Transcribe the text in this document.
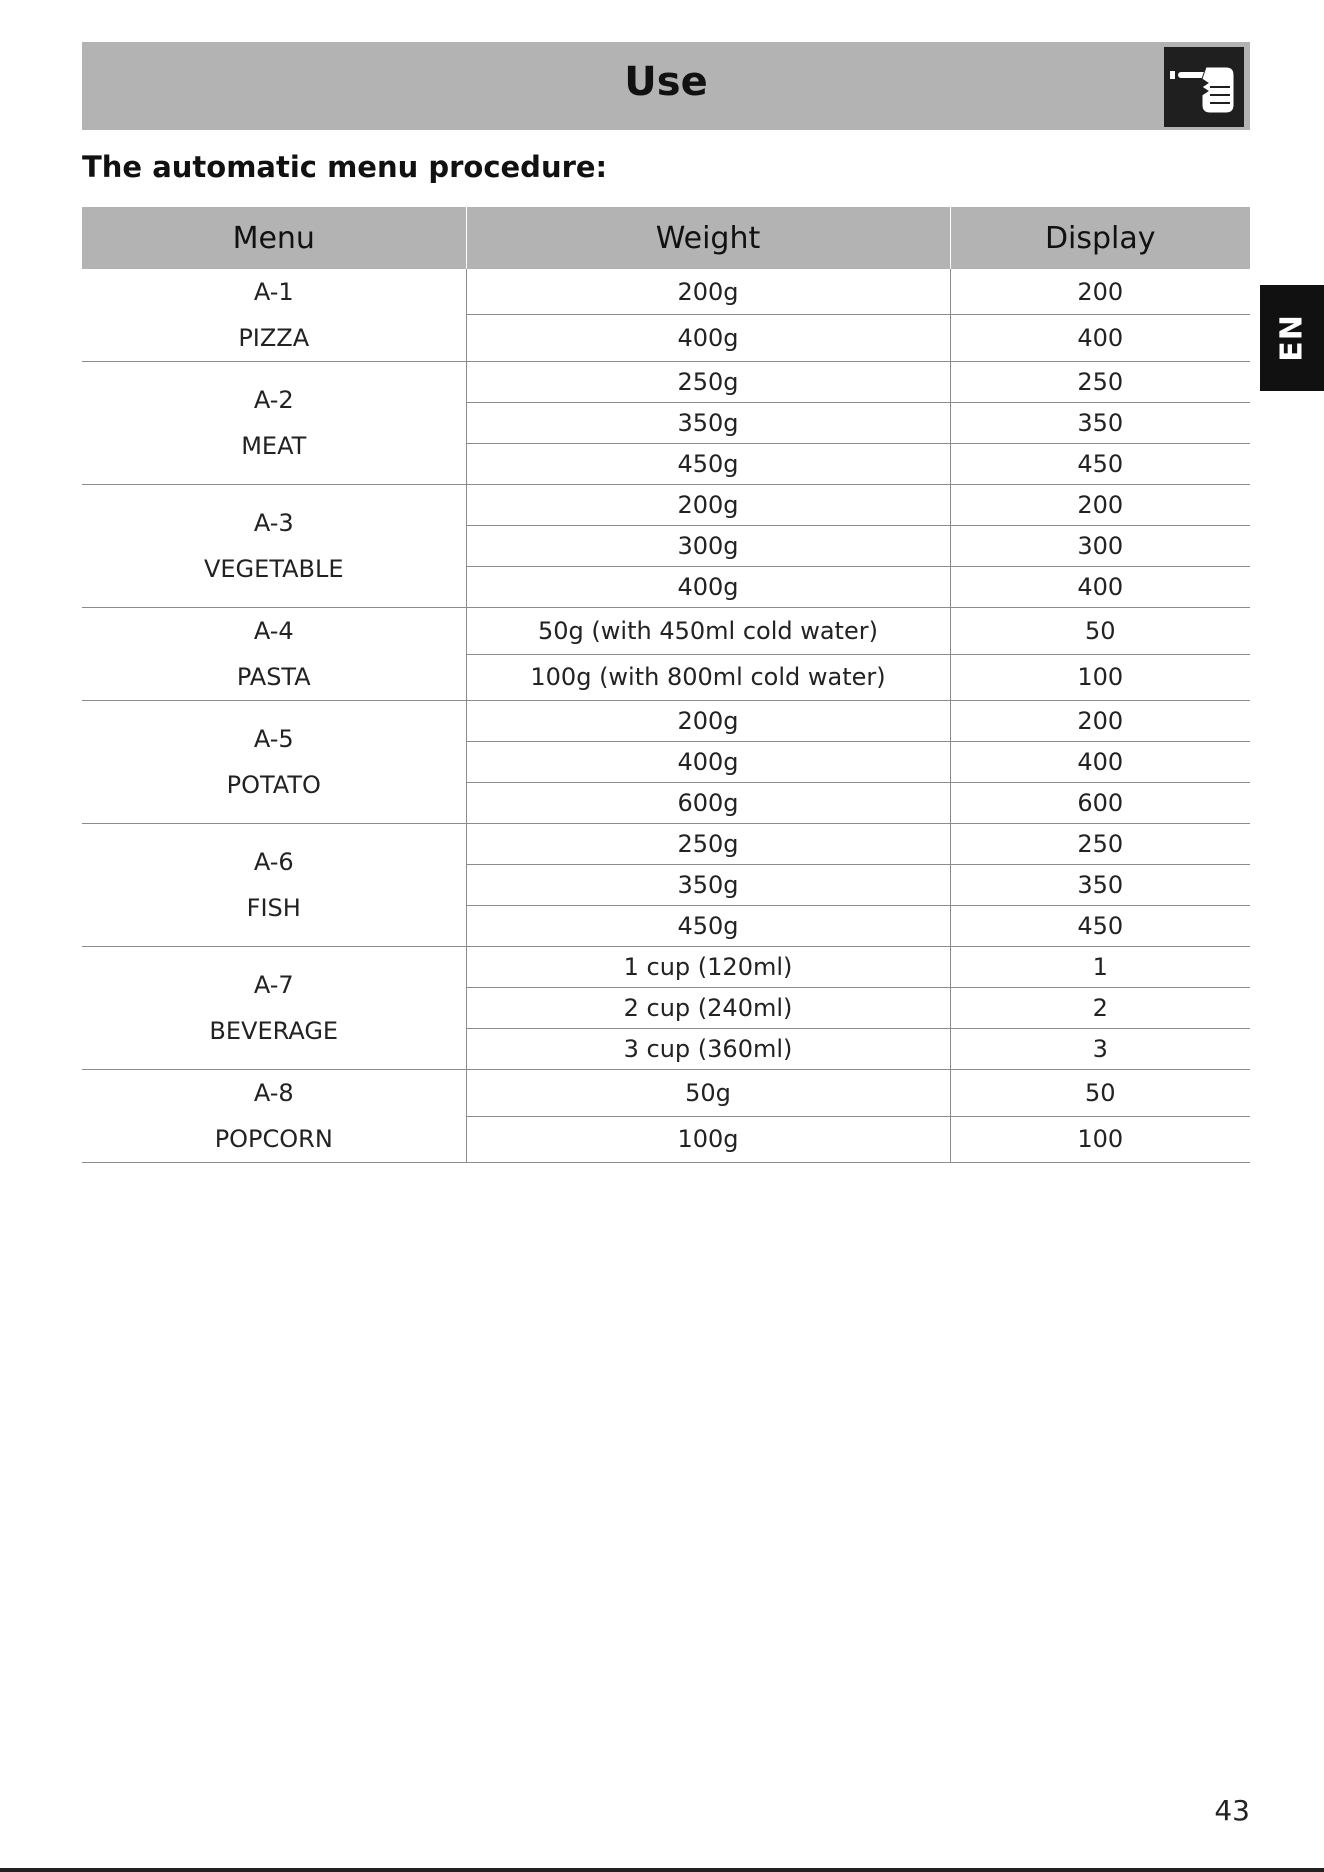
Use
The automatic menu procedure:
EN
Menu	Weight	Display

A-1
PIZZA	200g	200
	400g	400

A-2
MEAT	250g	250
	350g	350
	450g	450

A-3
VEGETABLE	200g	200
	300g	300
	400g	400

A-4
PASTA	50g (with 450ml cold water)	50
	100g (with 800ml cold water)	100

A-5
POTATO	200g	200
	400g	400
	600g	600

A-6
FISH	250g	250
	350g	350
	450g	450

A-7
BEVERAGE	1 cup (120ml)	1
	2 cup (240ml)	2
	3 cup (360ml)	3

A-8
POPCORN	50g	50
	100g	100
43
